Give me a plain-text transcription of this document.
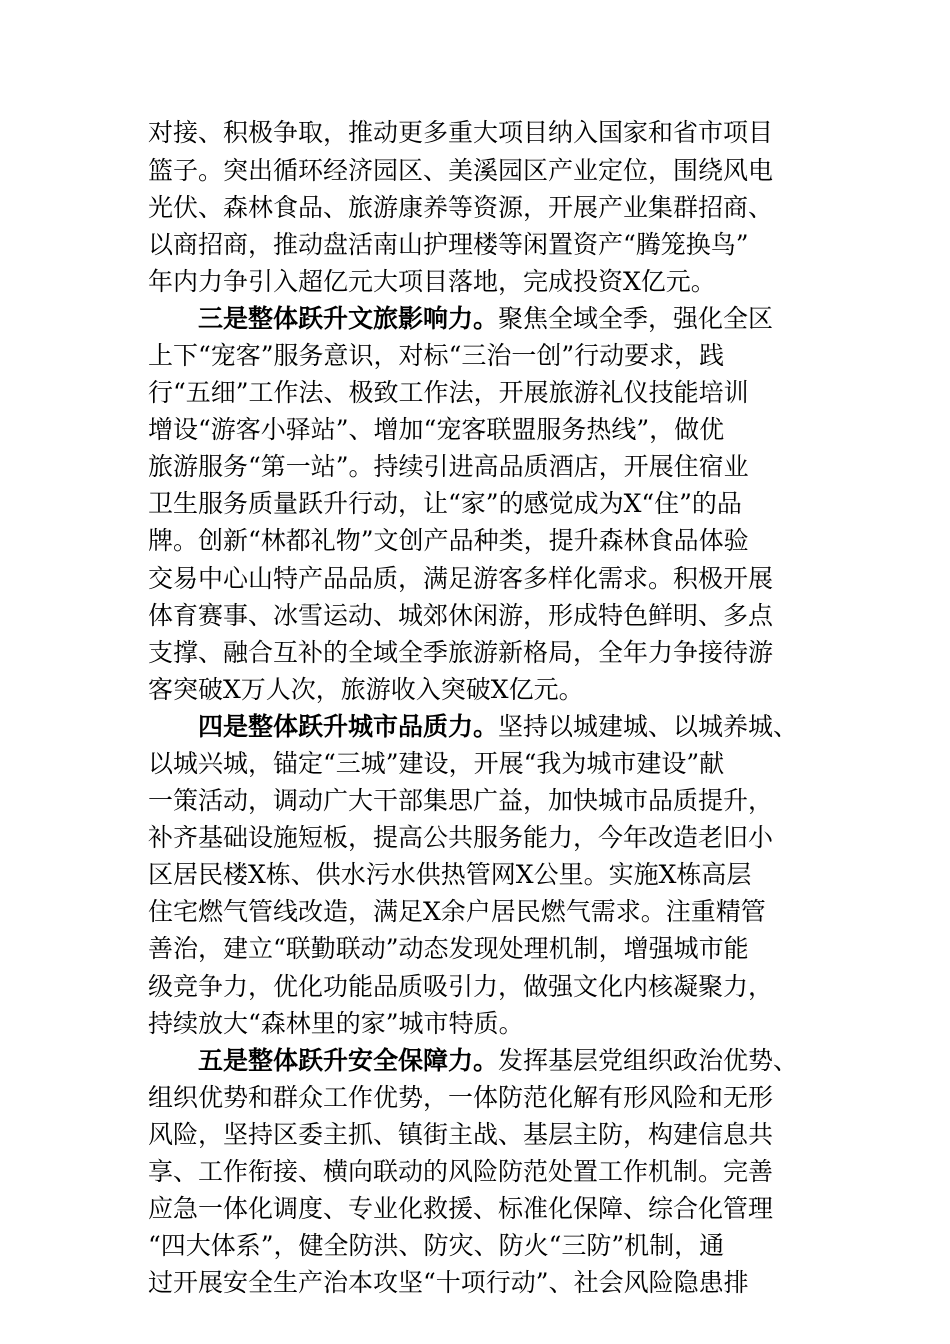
对接、积极争取，推动更多重大项目纳入国家和省市项目

篮子。突出循环经济园区、美溪园区产业定位，围绕风电

光伏、森林食品、旅游康养等资源，开展产业集群招商、

以商招商，推动盘活南山护理楼等闲置资产“腾笼换鸟”

年内力争引入超亿元大项目落地，完成投资X亿元。

三是整体跃升文旅影响力。聚焦全域全季，强化全区

上下“宠客”服务意识，对标“三治一创”行动要求，践

行“五细”工作法、极致工作法，开展旅游礼仪技能培训

增设“游客小驿站”、增加“宠客联盟服务热线”，做优

旅游服务“第一站”。持续引进高品质酒店，开展住宿业

卫生服务质量跃升行动，让“家”的感觉成为X“住”的品

牌。创新“林都礼物”文创产品种类，提升森林食品体验

交易中心山特产品品质，满足游客多样化需求。积极开展

体育赛事、冰雪运动、城郊休闲游，形成特色鲜明、多点

支撑、融合互补的全域全季旅游新格局，全年力争接待游

客突破X万人次，旅游收入突破X亿元。

四是整体跃升城市品质力。坚持以城建城、以城养城、

以城兴城，锚定“三城”建设，开展“我为城市建设”献

一策活动，调动广大干部集思广益，加快城市品质提升，

补齐基础设施短板，提高公共服务能力，今年改造老旧小

区居民楼X栋、供水污水供热管网X公里。实施X栋高层

住宅燃气管线改造，满足X余户居民燃气需求。注重精管

善治，建立“联勤联动”动态发现处理机制，增强城市能

级竞争力，优化功能品质吸引力，做强文化内核凝聚力，

持续放大“森林里的家”城市特质。

五是整体跃升安全保障力。发挥基层党组织政治优势、

组织优势和群众工作优势，一体防范化解有形风险和无形

风险，坚持区委主抓、镇街主战、基层主防，构建信息共

享、工作衔接、横向联动的风险防范处置工作机制。完善

应急一体化调度、专业化救援、标准化保障、综合化管理

“四大体系”，健全防洪、防灾、防火“三防”机制，通

过开展安全生产治本攻坚“十项行动”、社会风险隐患排
